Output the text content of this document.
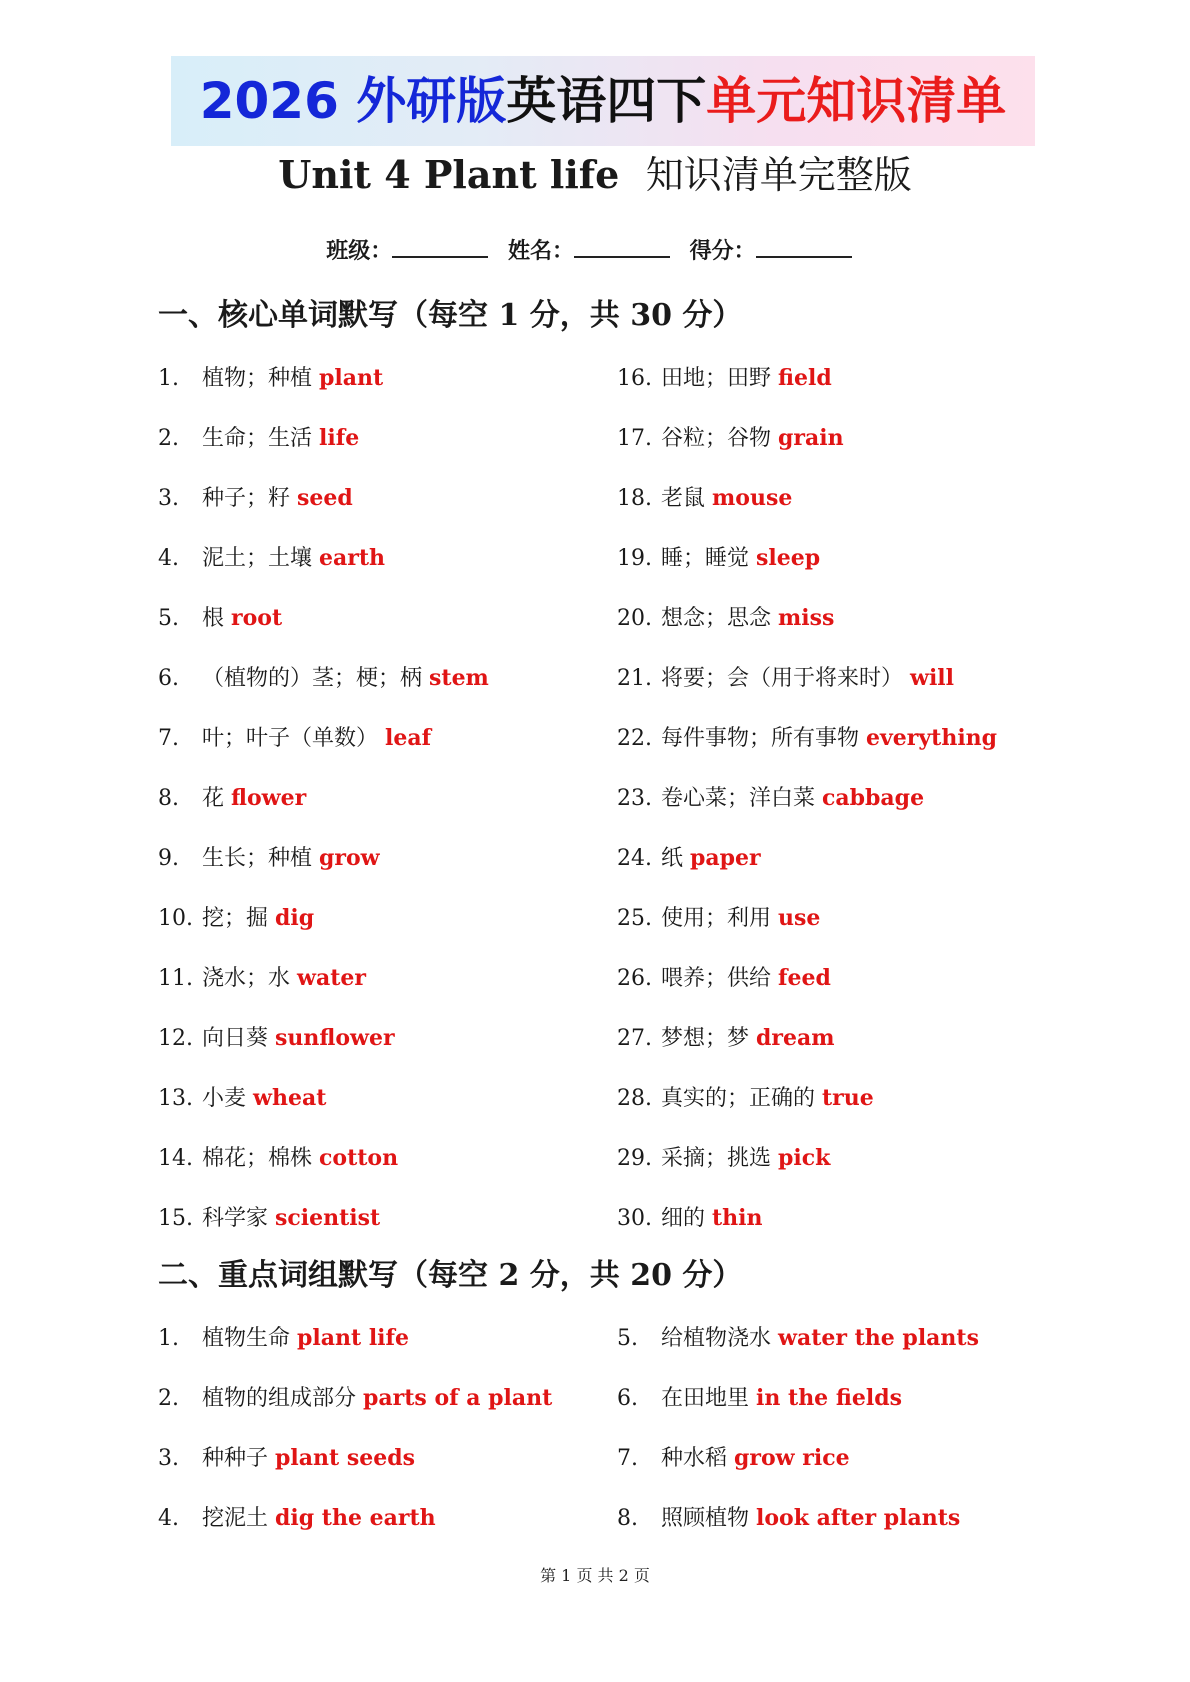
2026 外研版英语四下单元知识清单
Unit 4 Plant life 知识清单完整版
班级：	姓名：	得分：
一、核心单词默写（每空 1 分，共 30 分）
1. 植物；种植 plant
2. 生命；生活 life
3. 种子；籽 seed
4. 泥土；土壤 earth
5. 根 root
6. （植物的）茎；梗；柄 stem
7. 叶；叶子（单数） leaf
8. 花 flower
9. 生长；种植 grow
10. 挖；掘 dig
11. 浇水；水 water
12. 向日葵 sunflower
13. 小麦 wheat
14. 棉花；棉株 cotton
15. 科学家 scientist
16. 田地；田野 field
17. 谷粒；谷物 grain
18. 老鼠 mouse
19. 睡；睡觉 sleep
20. 想念；思念 miss
21. 将要；会（用于将来时） will
22. 每件事物；所有事物 everything
23. 卷心菜；洋白菜 cabbage
24. 纸 paper
25. 使用；利用 use
26. 喂养；供给 feed
27. 梦想；梦 dream
28. 真实的；正确的 true
29. 采摘；挑选 pick
30. 细的 thin
二、重点词组默写（每空 2 分，共 20 分）
1. 植物生命 plant life
2. 植物的组成部分 parts of a plant
3. 种种子 plant seeds
4. 挖泥土 dig the earth
5. 给植物浇水 water the plants
6. 在田地里 in the fields
7. 种水稻 grow rice
8. 照顾植物 look after plants
第 1 页 共 2 页
